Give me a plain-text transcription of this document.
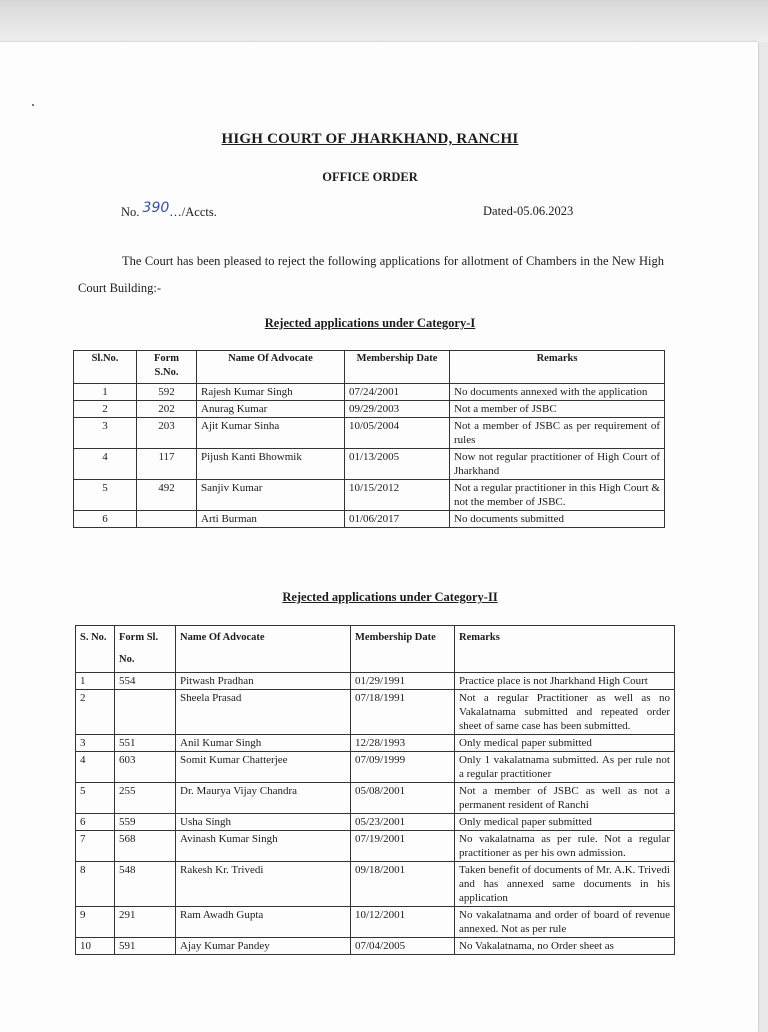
HIGH COURT OF JHARKHAND, RANCHI
OFFICE ORDER
No. 390…/Accts.	Dated-05.06.2023
The Court has been pleased to reject the following applications for allotment of Chambers in the New High Court Building:-
Rejected applications under Category-I
Sl.No.	Form S.No.	Name Of Advocate	Membership Date	Remarks
1	592	Rajesh Kumar Singh	07/24/2001	No documents annexed with the application
2	202	Anurag Kumar	09/29/2003	Not a member of JSBC
3	203	Ajit Kumar Sinha	10/05/2004	Not a member of JSBC as per requirement of rules
4	117	Pijush Kanti Bhowmik	01/13/2005	Now not regular practitioner of High Court of Jharkhand
5	492	Sanjiv Kumar	10/15/2012	Not a regular practitioner in this High Court & not the member of JSBC.
6		Arti Burman	01/06/2017	No documents submitted
Rejected applications under Category-II
S. No.	Form Sl. No.	Name Of Advocate	Membership Date	Remarks
1	554	Pitwash Pradhan	01/29/1991	Practice place is not Jharkhand High Court
2		Sheela Prasad	07/18/1991	Not a regular Practitioner as well as no Vakalatnama submitted and repeated order sheet of same case has been submitted.
3	551	Anil Kumar Singh	12/28/1993	Only medical paper submitted
4	603	Somit Kumar Chatterjee	07/09/1999	Only 1 vakalatnama submitted. As per rule not a regular practitioner
5	255	Dr. Maurya Vijay Chandra	05/08/2001	Not a member of JSBC as well as not a permanent resident of Ranchi
6	559	Usha Singh	05/23/2001	Only medical paper submitted
7	568	Avinash Kumar Singh	07/19/2001	No vakalatnama as per rule. Not a regular practitioner as per his own admission.
8	548	Rakesh Kr. Trivedi	09/18/2001	Taken benefit of documents of Mr. A.K. Trivedi and has annexed same documents in his application
9	291	Ram Awadh Gupta	10/12/2001	No vakalatnama and order of board of revenue annexed. Not as per rule
10	591	Ajay Kumar Pandey	07/04/2005	No Vakalatnama, no Order sheet as
